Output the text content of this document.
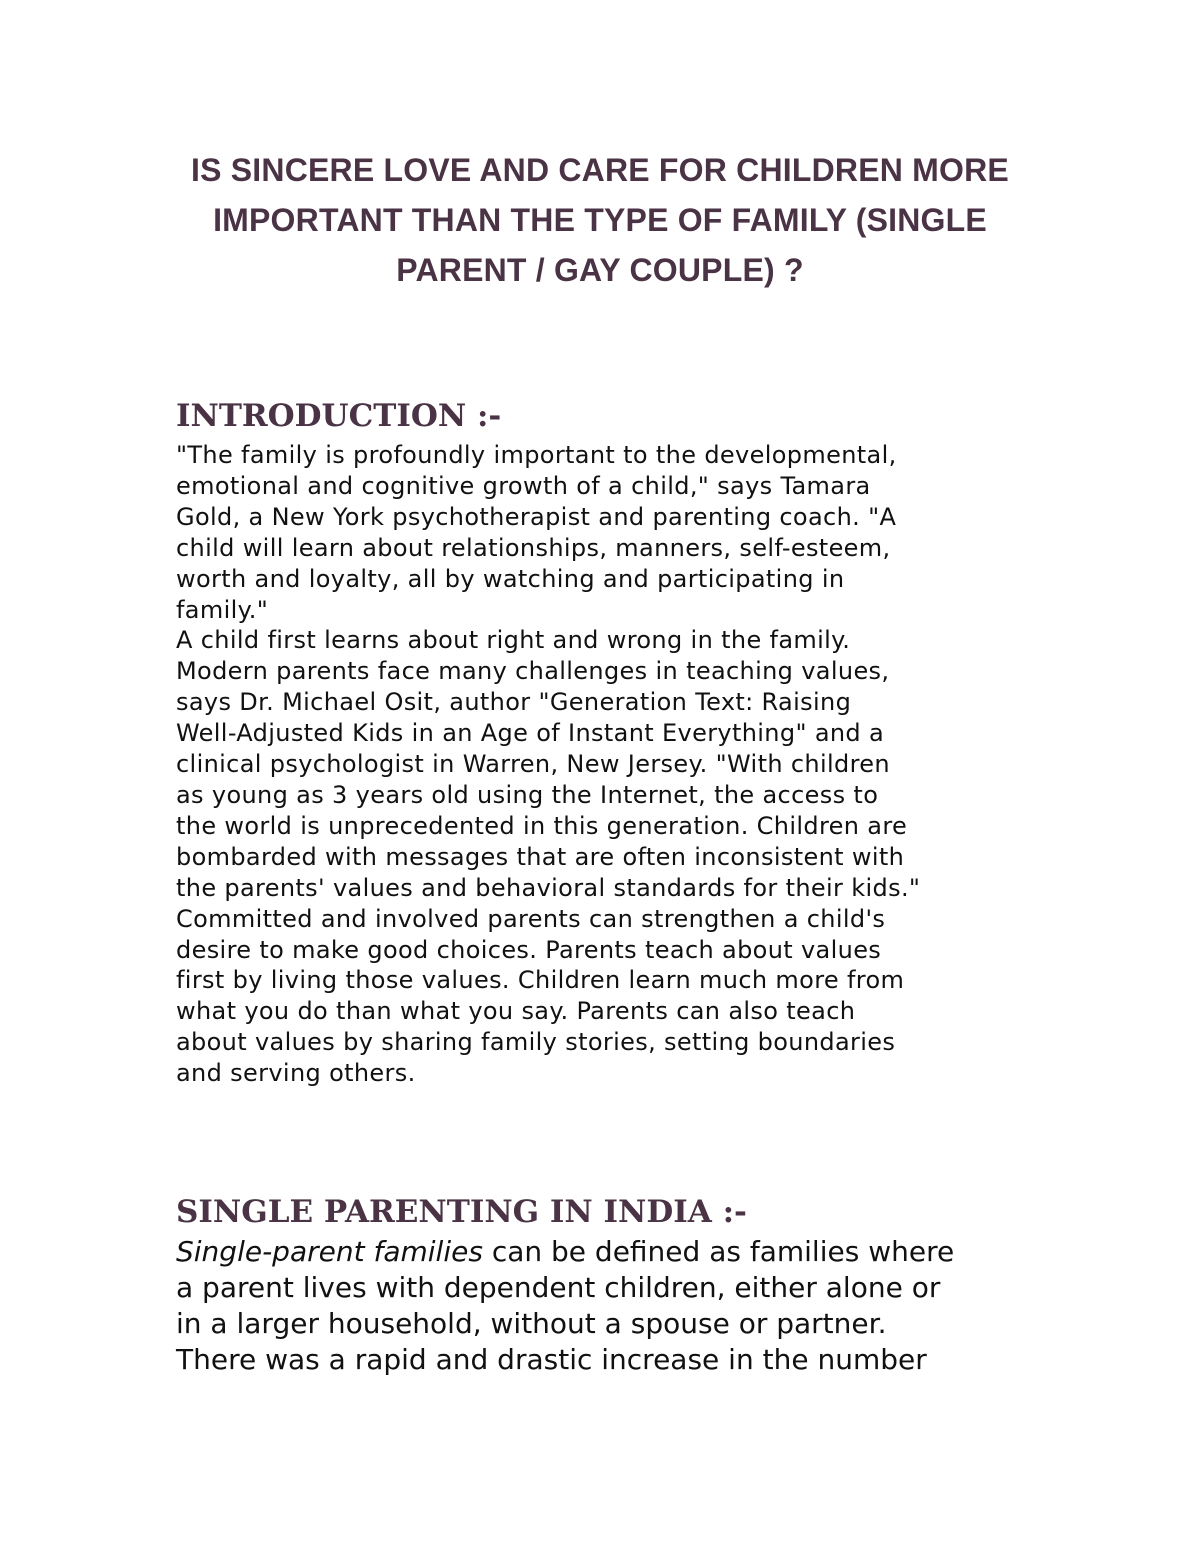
IS SINCERE LOVE AND CARE FOR CHILDREN MORE IMPORTANT THAN THE TYPE OF FAMILY (SINGLE PARENT / GAY COUPLE) ?
INTRODUCTION :-
"The family is profoundly important to the developmental,
emotional and cognitive growth of a child," says Tamara
Gold, a New York psychotherapist and parenting coach. "A
child will learn about relationships, manners, self-esteem,
worth and loyalty, all by watching and participating in
family."
A child first learns about right and wrong in the family.
Modern parents face many challenges in teaching values,
says Dr. Michael Osit, author "Generation Text: Raising
Well-Adjusted Kids in an Age of Instant Everything" and a
clinical psychologist in Warren, New Jersey. "With children
as young as 3 years old using the Internet, the access to
the world is unprecedented in this generation. Children are
bombarded with messages that are often inconsistent with
the parents' values and behavioral standards for their kids."
Committed and involved parents can strengthen a child's
desire to make good choices. Parents teach about values
first by living those values. Children learn much more from
what you do than what you say. Parents can also teach
about values by sharing family stories, setting boundaries
and serving others.
SINGLE PARENTING IN INDIA :-
Single-parent families can be defined as families where
a parent lives with dependent children, either alone or
in a larger household, without a spouse or partner.
There was a rapid and drastic increase in the number
